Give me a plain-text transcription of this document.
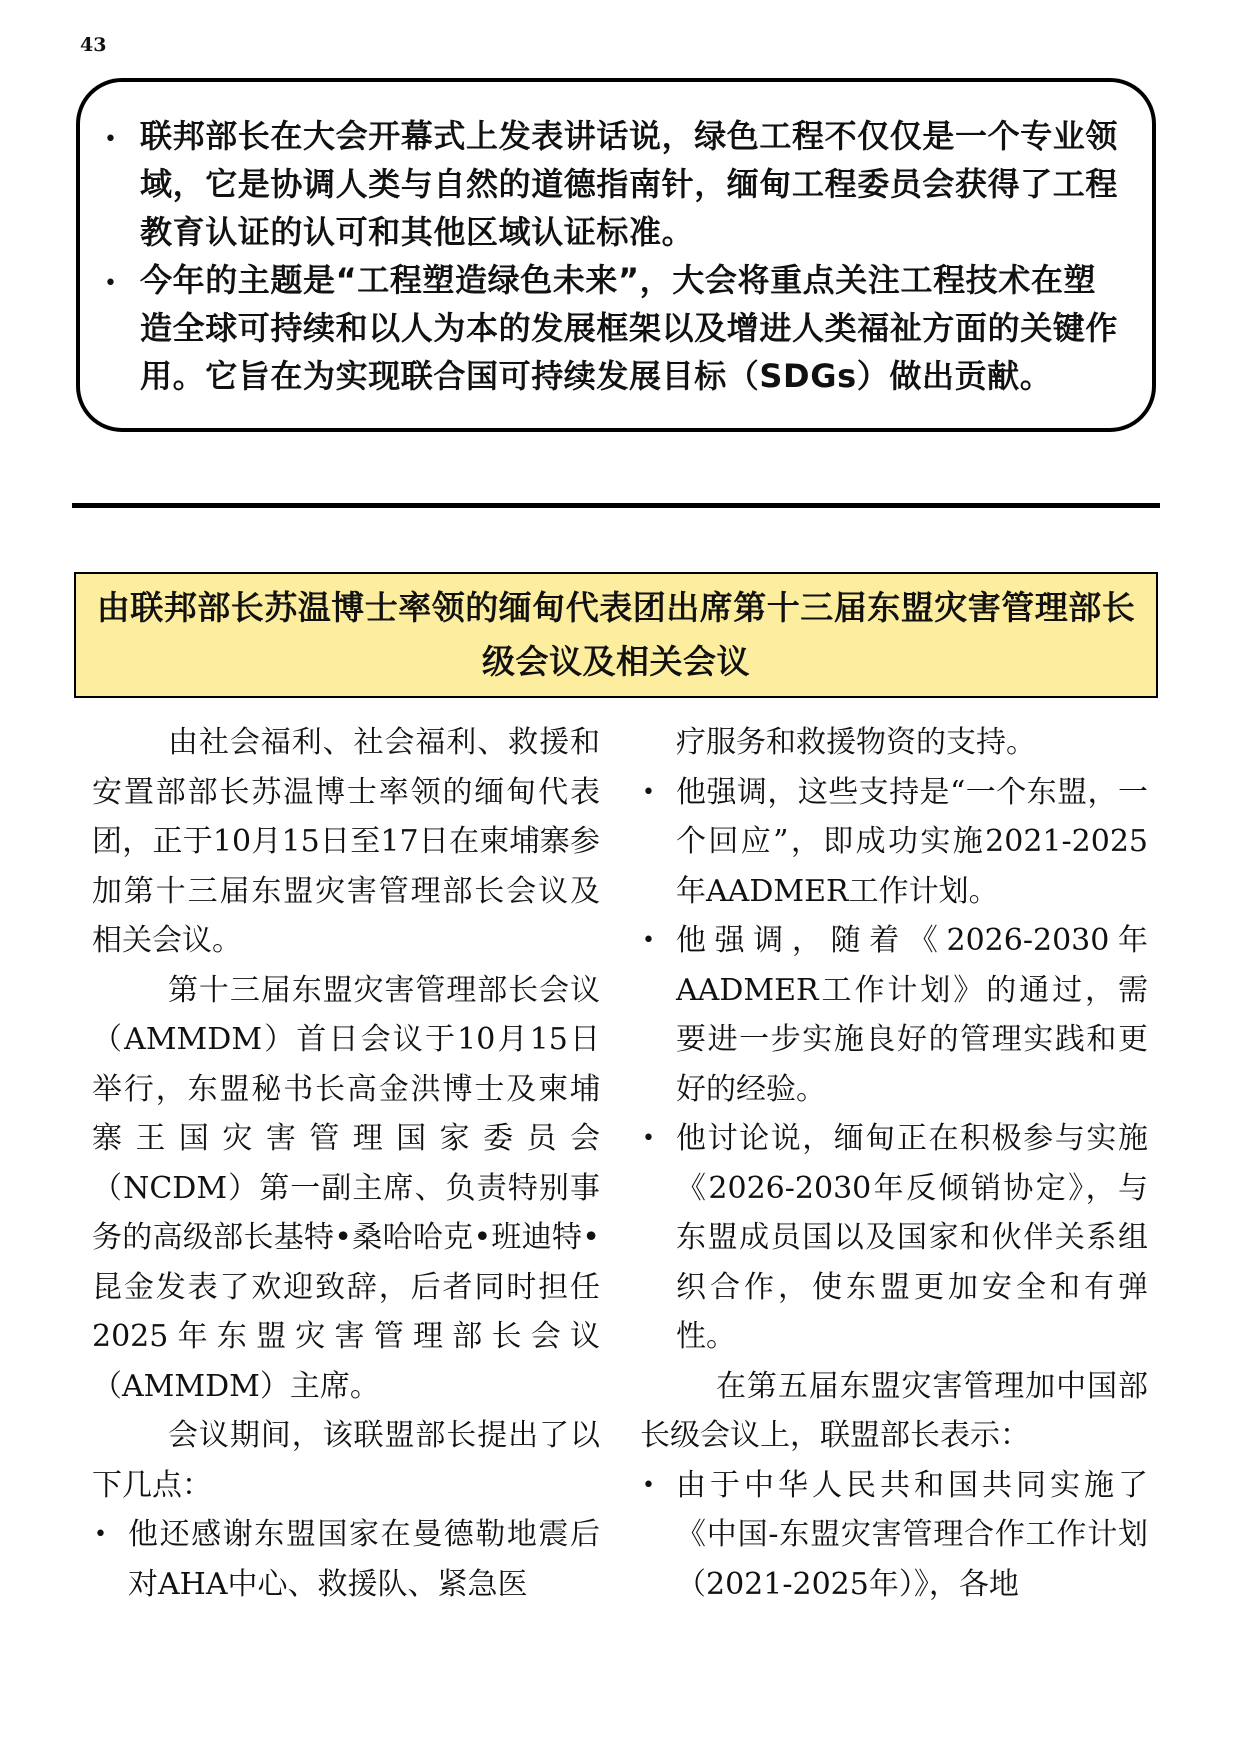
43
• 联邦部长在大会开幕式上发表讲话说，绿色工程不仅仅是一个专业领域，它是协调人类与自然的道德指南针，缅甸工程委员会获得了工程教育认证的认可和其他区域认证标准。
• 今年的主题是“工程塑造绿色未来”，大会将重点关注工程技术在塑造全球可持续和以人为本的发展框架以及增进人类福祉方面的关键作用。它旨在为实现联合国可持续发展目标（SDGs）做出贡献。
由联邦部长苏温博士率领的缅甸代表团出席第十三届东盟灾害管理部长级会议及相关会议

由社会福利、社会福利、救援和安置部部长苏温博士率领的缅甸代表团，正于10月15日至17日在柬埔寨参加第十三届东盟灾害管理部长会议及相关会议。

第十三届东盟灾害管理部长会议（AMMDM）首日会议于10月15日举行，东盟秘书长高金洪博士及柬埔寨王国灾害管理国家委员会（NCDM）第一副主席、负责特别事务的高级部长基特•桑哈哈克•班迪特•昆金发表了欢迎致辞，后者同时担任2025年东盟灾害管理部长会议（AMMDM）主席。

会议期间，该联盟部长提出了以下几点：

• 他还感谢东盟国家在曼德勒地震后对AHA中心、救援队、紧急医
疗服务和救援物资的支持。
• 他强调，这些支持是“一个东盟，一个回应”，即成功实施2021-2025年AADMER工作计划。
• 他强调，随着《2026-2030年AADMER工作计划》的通过，需要进一步实施良好的管理实践和更好的经验。
• 他讨论说，缅甸正在积极参与实施《2026-2030年反倾销协定》，与东盟成员国以及国家和伙伴关系组织合作，使东盟更加安全和有弹性。

在第五届东盟灾害管理加中国部长级会议上，联盟部长表示：

• 由于中华人民共和国共同实施了《中国-东盟灾害管理合作工作计划（2021-2025年）》，各地
